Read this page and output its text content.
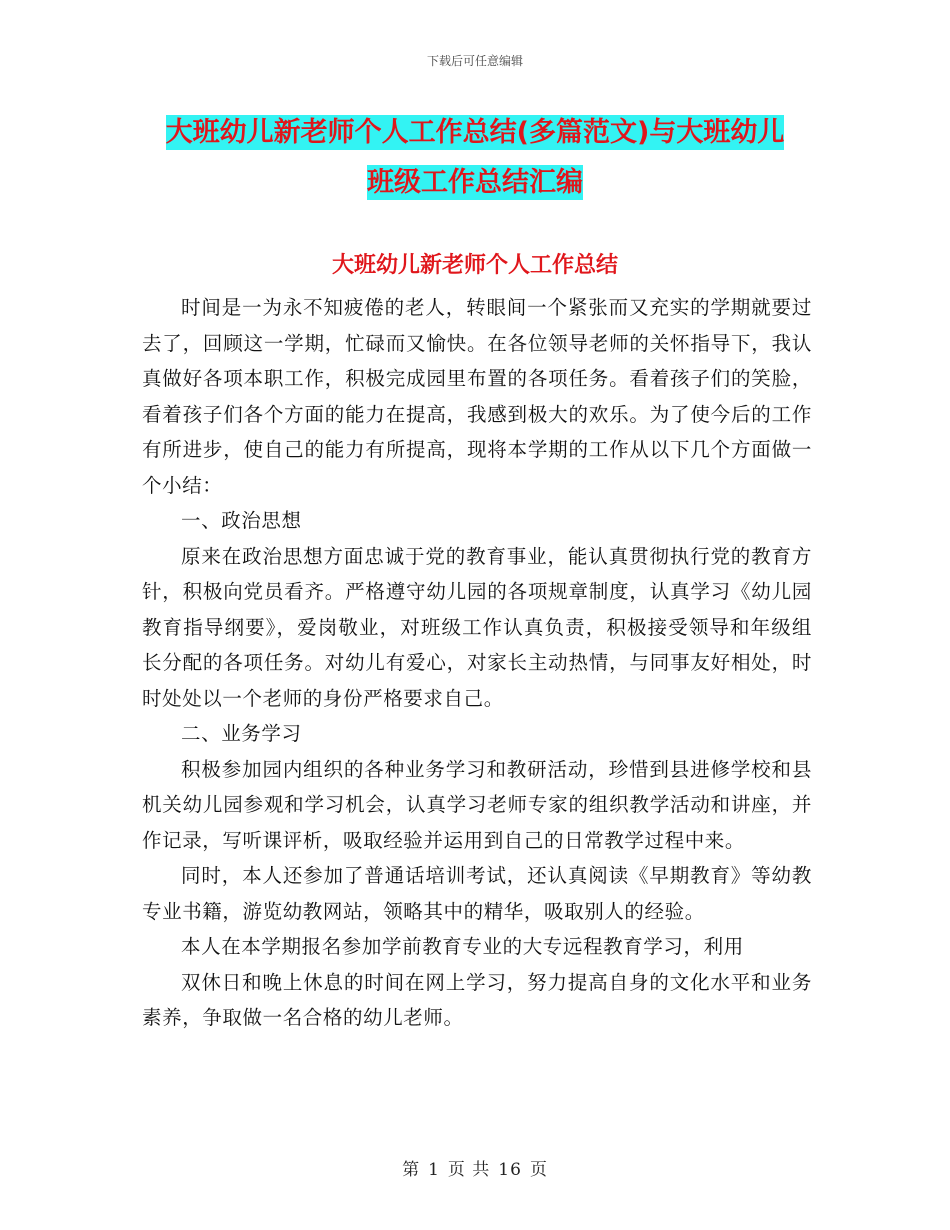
下载后可任意编辑
大班幼儿新老师个人工作总结(多篇范文)与大班幼儿
班级工作总结汇编
大班幼儿新老师个人工作总结

时间是一为永不知疲倦的老人，转眼间一个紧张而又充实的学期就要过去了，回顾这一学期，忙碌而又愉快。在各位领导老师的关怀指导下，我认真做好各项本职工作，积极完成园里布置的各项任务。看着孩子们的笑脸，看着孩子们各个方面的能力在提高，我感到极大的欢乐。为了使今后的工作有所进步，使自己的能力有所提高，现将本学期的工作从以下几个方面做一个小结：

一、政治思想

原来在政治思想方面忠诚于党的教育事业，能认真贯彻执行党的教育方针，积极向党员看齐。严格遵守幼儿园的各项规章制度，认真学习《幼儿园教育指导纲要》，爱岗敬业，对班级工作认真负责，积极接受领导和年级组长分配的各项任务。对幼儿有爱心，对家长主动热情，与同事友好相处，时时处处以一个老师的身份严格要求自己。

二、业务学习

积极参加园内组织的各种业务学习和教研活动，珍惜到县进修学校和县机关幼儿园参观和学习机会，认真学习老师专家的组织教学活动和讲座，并作记录，写听课评析，吸取经验并运用到自己的日常教学过程中来。

同时，本人还参加了普通话培训考试，还认真阅读《早期教育》等幼教专业书籍，游览幼教网站，领略其中的精华，吸取别人的经验。

本人在本学期报名参加学前教育专业的大专远程教育学习，利用

双休日和晚上休息的时间在网上学习，努力提高自身的文化水平和业务素养，争取做一名合格的幼儿老师。

第 1 页 共 16 页
